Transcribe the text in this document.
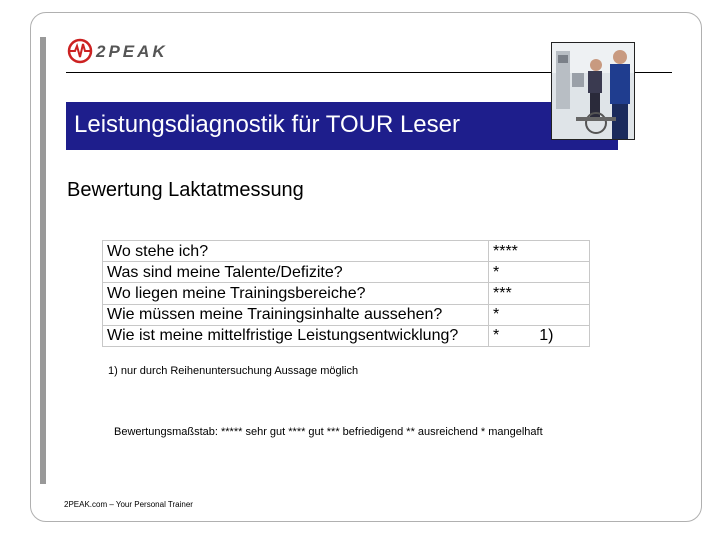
2PEAK
Leistungsdiagnostik für TOUR Leser
Bewertung Laktatmessung
Wo stehe ich?	****
Was sind meine Talente/Defizite?	*
Wo liegen meine Trainingsbereiche?	***
Wie müssen meine Trainingsinhalte aussehen?	*
Wie ist meine mittelfristige Leistungsentwicklung?	* 1)
1) nur durch Reihenuntersuchung Aussage möglich
Bewertungsmaßstab: ***** sehr gut **** gut *** befriedigend ** ausreichend * mangelhaft
2PEAK.com – Your Personal Trainer
